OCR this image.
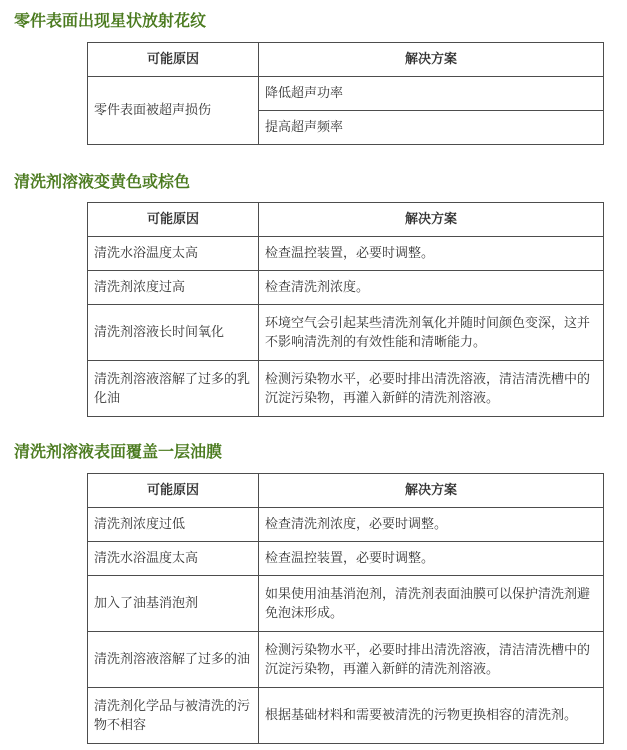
零件表面出现星状放射花纹
可能原因	解决方案
零件表面被超声损伤	降低超声功率
	提高超声频率
清洗剂溶液变黄色或棕色
可能原因	解决方案
清洗水浴温度太高	检查温控装置，必要时调整。
清洗剂浓度过高	检查清洗剂浓度。
清洗剂溶液长时间氧化	环境空气会引起某些清洗剂氧化并随时间颜色变深，这并不影响清洗剂的有效性能和清晰能力。
清洗剂溶液溶解了过多的乳化油	检测污染物水平，必要时排出清洗溶液，清洁清洗槽中的沉淀污染物，再灌入新鲜的清洗剂溶液。
清洗剂溶液表面覆盖一层油膜
可能原因	解决方案
清洗剂浓度过低	检查清洗剂浓度，必要时调整。
清洗水浴温度太高	检查温控装置，必要时调整。
加入了油基消泡剂	如果使用油基消泡剂，清洗剂表面油膜可以保护清洗剂避免泡沫形成。
清洗剂溶液溶解了过多的油	检测污染物水平，必要时排出清洗溶液，清洁清洗槽中的沉淀污染物，再灌入新鲜的清洗剂溶液。
清洗剂化学品与被清洗的污物不相容	根据基础材料和需要被清洗的污物更换相容的清洗剂。
